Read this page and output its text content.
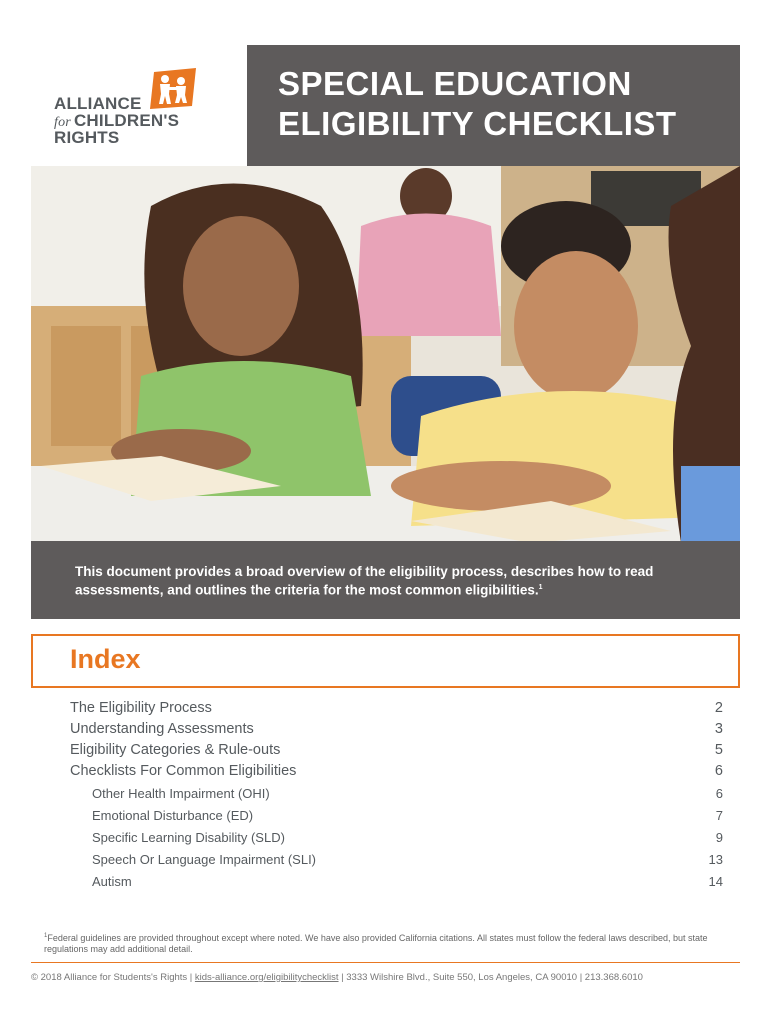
ALLIANCE
for CHILDREN'S
RIGHTS
SPECIAL EDUCATION
ELIGIBILITY CHECKLIST

This document provides a broad overview of the eligibility process, describes how to read assessments, and outlines the criteria for the most common eligibilities.$^1$

Index
The Eligibility Process	2
Understanding Assessments	3
Eligibility Categories & Rule-outs	5
Checklists For Common Eligibilities	6
Other Health Impairment (OHI)	6
Emotional Disturbance (ED)	7
Specific Learning Disability (SLD)	9
Speech Or Language Impairment (SLI)	13
Autism	14
$^1$Federal guidelines are provided throughout except where noted. We have also provided California citations. All states must follow the federal laws described, but state regulations may add additional detail.
© 2018 Alliance for Students's Rights | kids-alliance.org/eligibilitychecklist | 3333 Wilshire Blvd., Suite 550, Los Angeles, CA 90010 | 213.368.6010
